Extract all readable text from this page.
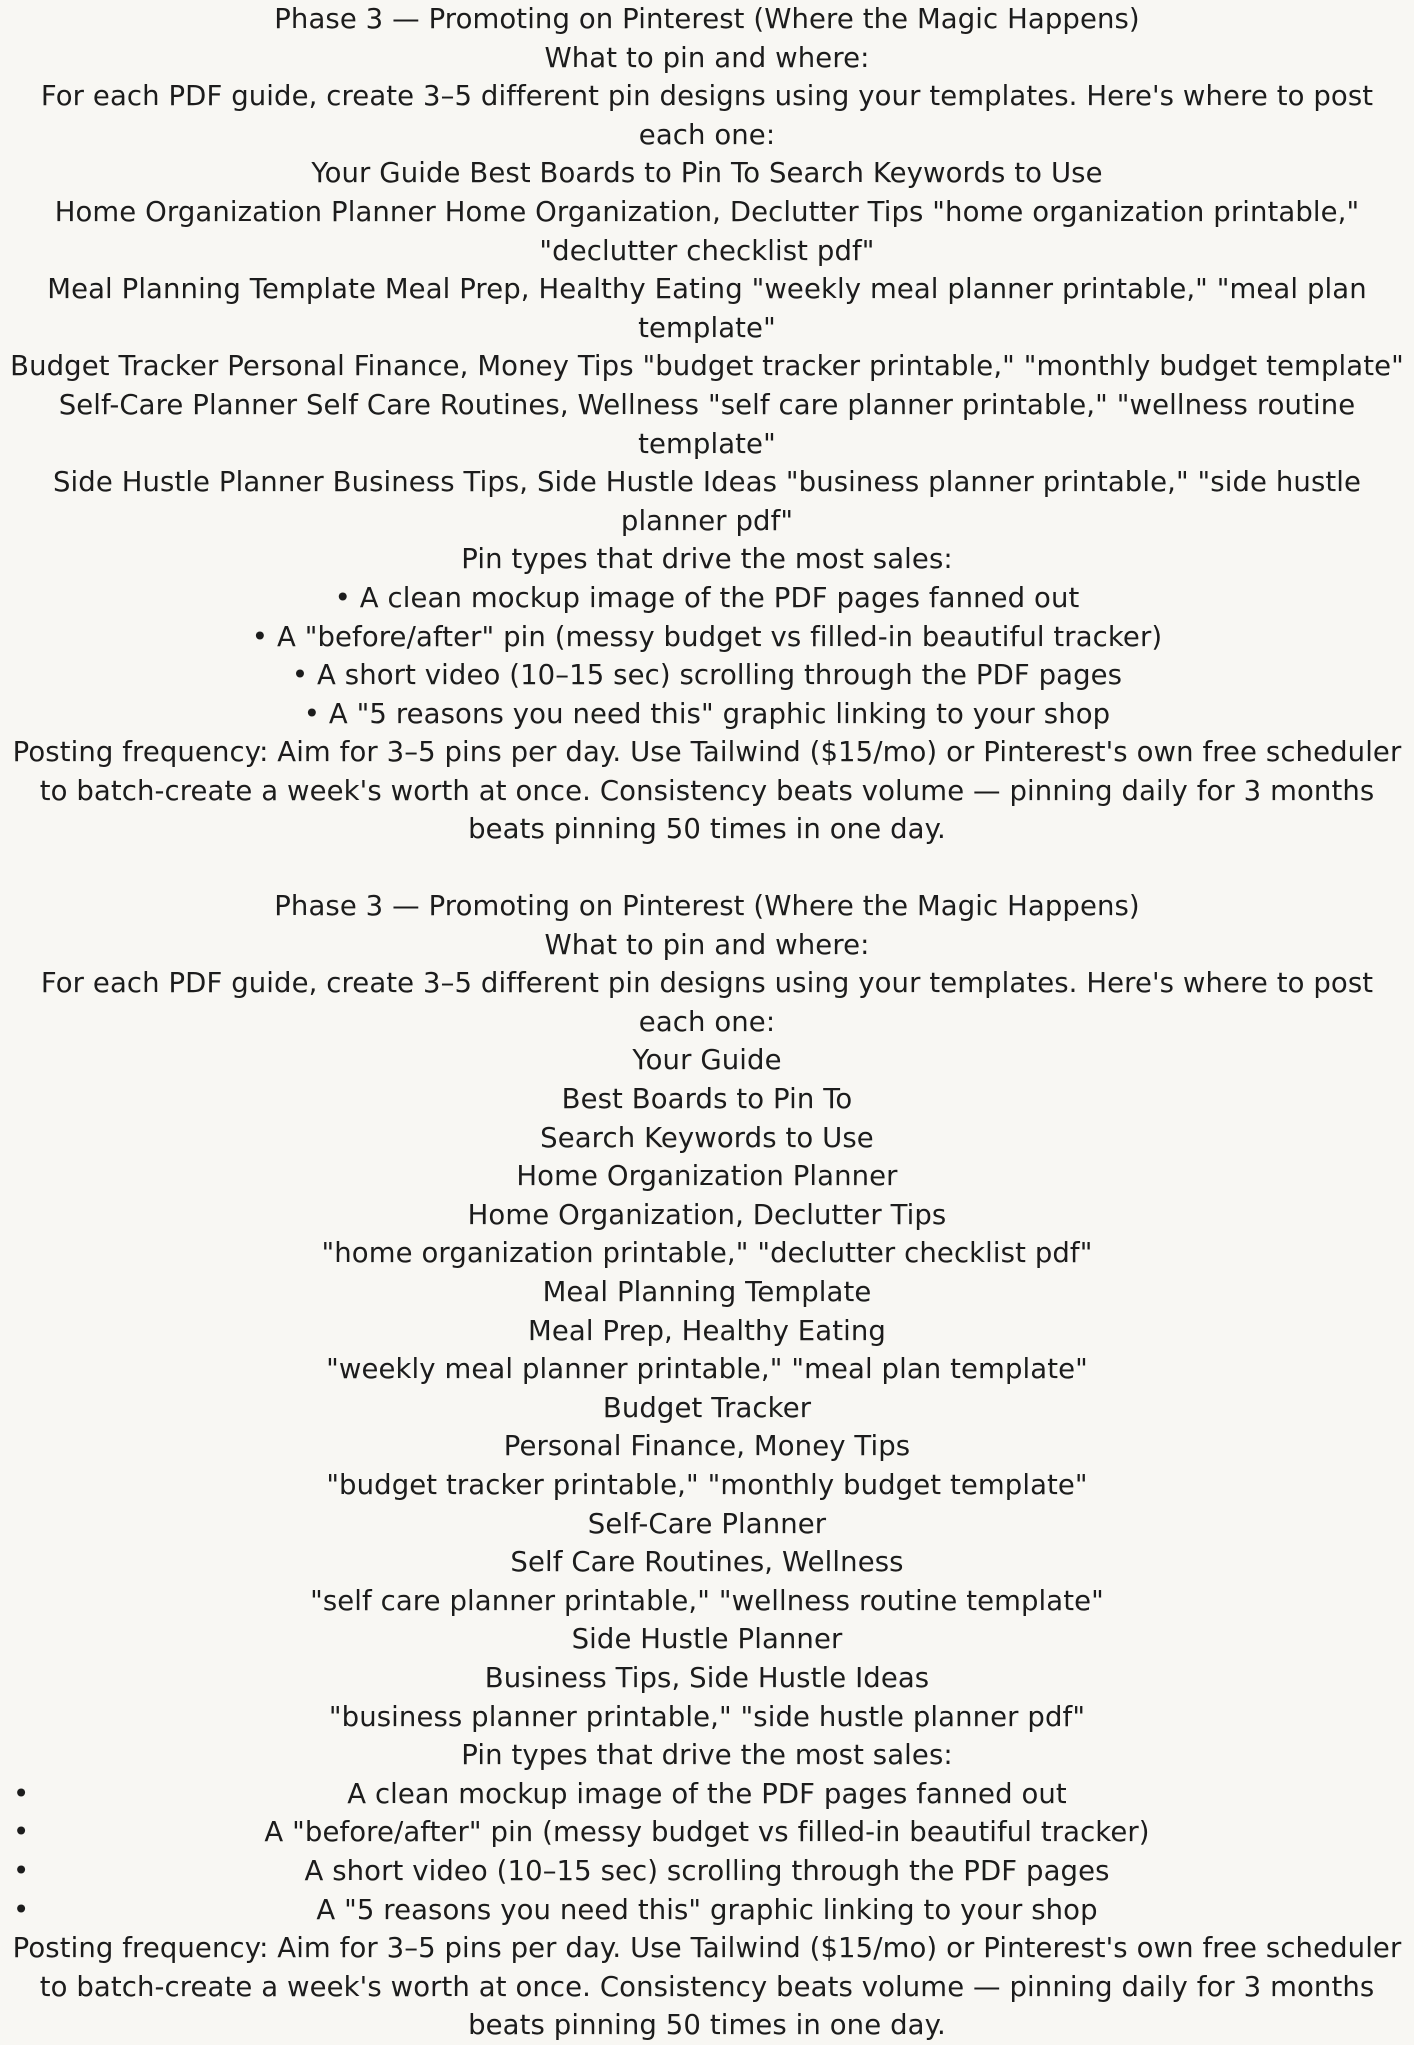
Phase 3 — Promoting on Pinterest (Where the Magic Happens)

What to pin and where:

For each PDF guide, create 3–5 different pin designs using your templates. Here's where to post each one:

Your Guide Best Boards to Pin To Search Keywords to Use

Home Organization Planner Home Organization, Declutter Tips "home organization printable," "declutter checklist pdf"

Meal Planning Template Meal Prep, Healthy Eating "weekly meal planner printable," "meal plan template"

Budget Tracker Personal Finance, Money Tips "budget tracker printable," "monthly budget template"

Self-Care Planner Self Care Routines, Wellness "self care planner printable," "wellness routine template"

Side Hustle Planner Business Tips, Side Hustle Ideas "business planner printable," "side hustle planner pdf"

Pin types that drive the most sales:

• A clean mockup image of the PDF pages fanned out

• A "before/after" pin (messy budget vs filled-in beautiful tracker)

• A short video (10–15 sec) scrolling through the PDF pages

• A "5 reasons you need this" graphic linking to your shop

Posting frequency: Aim for 3–5 pins per day. Use Tailwind ($15/mo) or Pinterest's own free scheduler to batch-create a week's worth at once. Consistency beats volume — pinning daily for 3 months beats pinning 50 times in one day.

Phase 3 — Promoting on Pinterest (Where the Magic Happens)

What to pin and where:

For each PDF guide, create 3–5 different pin designs using your templates. Here's where to post each one:

Your Guide

Best Boards to Pin To

Search Keywords to Use

Home Organization Planner

Home Organization, Declutter Tips

"home organization printable," "declutter checklist pdf"

Meal Planning Template

Meal Prep, Healthy Eating

"weekly meal planner printable," "meal plan template"

Budget Tracker

Personal Finance, Money Tips

"budget tracker printable," "monthly budget template"

Self-Care Planner

Self Care Routines, Wellness

"self care planner printable," "wellness routine template"

Side Hustle Planner

Business Tips, Side Hustle Ideas

"business planner printable," "side hustle planner pdf"

Pin types that drive the most sales:

• A clean mockup image of the PDF pages fanned out
• A "before/after" pin (messy budget vs filled-in beautiful tracker)
• A short video (10–15 sec) scrolling through the PDF pages
• A "5 reasons you need this" graphic linking to your shop

Posting frequency: Aim for 3–5 pins per day. Use Tailwind ($15/mo) or Pinterest's own free scheduler to batch-create a week's worth at once. Consistency beats volume — pinning daily for 3 months beats pinning 50 times in one day.
